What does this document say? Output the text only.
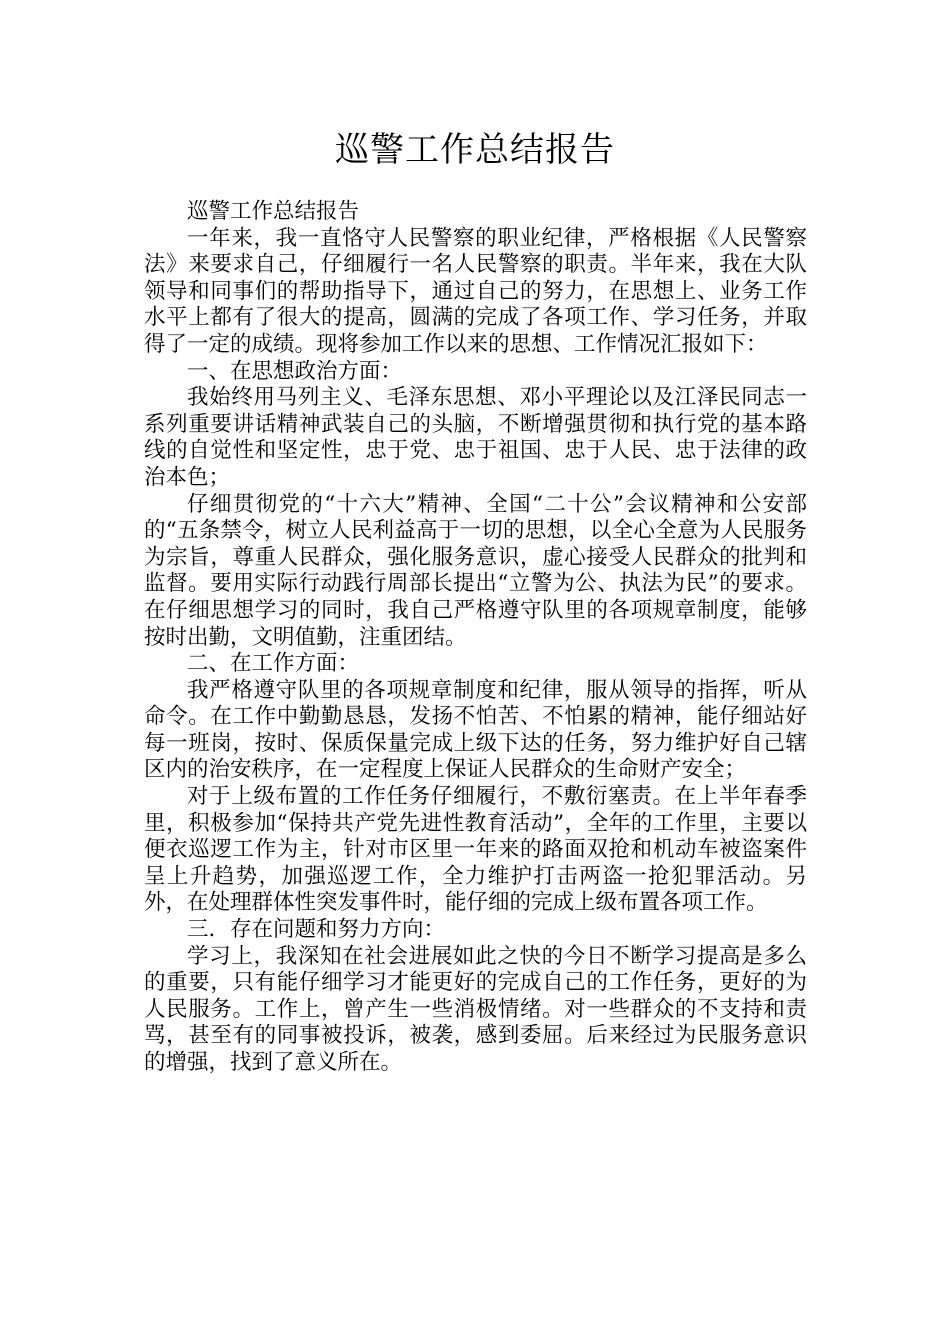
巡警工作总结报告

巡警工作总结报告

一年来，我一直恪守人民警察的职业纪律，严格根据《人民警察法》来要求自己，仔细履行一名人民警察的职责。半年来，我在大队领导和同事们的帮助指导下，通过自己的努力，在思想上、业务工作水平上都有了很大的提高，圆满的完成了各项工作、学习任务，并取得了一定的成绩。现将参加工作以来的思想、工作情况汇报如下：

一、在思想政治方面：

我始终用马列主义、毛泽东思想、邓小平理论以及江泽民同志一系列重要讲话精神武装自己的头脑，不断增强贯彻和执行党的基本路线的自觉性和坚定性，忠于党、忠于祖国、忠于人民、忠于法律的政治本色；

仔细贯彻党的“十六大”精神、全国“二十公”会议精神和公安部的“五条禁令，树立人民利益高于一切的思想，以全心全意为人民服务为宗旨，尊重人民群众，强化服务意识，虚心接受人民群众的批判和监督。要用实际行动践行周部长提出“立警为公、执法为民”的要求。在仔细思想学习的同时，我自己严格遵守队里的各项规章制度，能够按时出勤，文明值勤，注重团结。

二、在工作方面：

我严格遵守队里的各项规章制度和纪律，服从领导的指挥，听从命令。在工作中勤勤恳恳，发扬不怕苦、不怕累的精神，能仔细站好每一班岗，按时、保质保量完成上级下达的任务，努力维护好自己辖区内的治安秩序，在一定程度上保证人民群众的生命财产安全；

对于上级布置的工作任务仔细履行，不敷衍塞责。在上半年春季里，积极参加“保持共产党先进性教育活动”，全年的工作里，主要以便衣巡逻工作为主，针对市区里一年来的路面双抢和机动车被盗案件呈上升趋势，加强巡逻工作，全力维护打击两盗一抢犯罪活动。另外，在处理群体性突发事件时，能仔细的完成上级布置各项工作。

三．存在问题和努力方向：

学习上，我深知在社会进展如此之快的今日不断学习提高是多么的重要，只有能仔细学习才能更好的完成自己的工作任务，更好的为人民服务。工作上，曾产生一些消极情绪。对一些群众的不支持和责骂，甚至有的同事被投诉，被袭，感到委屈。后来经过为民服务意识的增强，找到了意义所在。
